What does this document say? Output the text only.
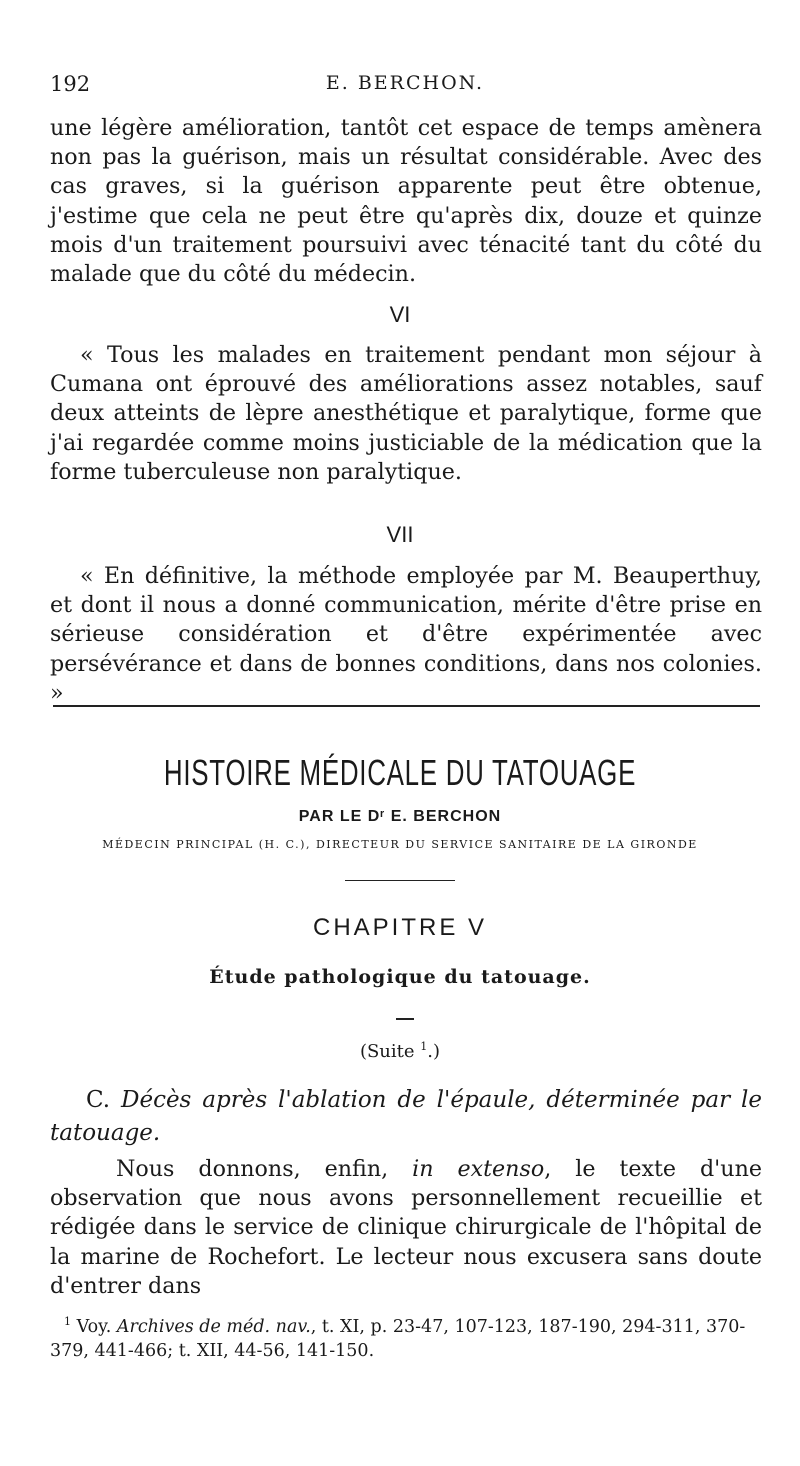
192	E. BERCHON.

une légère amélioration, tantôt cet espace de temps amènera non pas la guérison, mais un résultat considérable. Avec des cas graves, si la guérison apparente peut être obtenue, j'estime que cela ne peut être qu'après dix, douze et quinze mois d'un traitement poursuivi avec ténacité tant du côté du malade que du côté du médecin.

VI

« Tous les malades en traitement pendant mon séjour à Cumana ont éprouvé des améliorations assez notables, sauf deux atteints de lèpre anesthétique et paralytique, forme que j'ai regardée comme moins justiciable de la médication que la forme tuberculeuse non paralytique.

VII

« En définitive, la méthode employée par M. Beauperthuy, et dont il nous a donné communication, mérite d'être prise en sérieuse considération et d'être expérimentée avec persévérance et dans de bonnes conditions, dans nos colonies. »

HISTOIRE MÉDICALE DU TATOUAGE
PAR LE Dʳ E. BERCHON
MÉDECIN PRINCIPAL (H. C.), DIRECTEUR DU SERVICE SANITAIRE DE LA GIRONDE
CHAPITRE V
Étude pathologique du tatouage.
(Suite $^1$.)

C. Décès après l'ablation de l'épaule, déterminée par le tatouage.

Nous donnons, enfin, in extenso, le texte d'une observation que nous avons personnellement recueillie et rédigée dans le service de clinique chirurgicale de l'hôpital de la marine de Rochefort. Le lecteur nous excusera sans doute d'entrer dans

$^1$ Voy. Archives de méd. nav., t. XI, p. 23-47, 107-123, 187-190, 294-311, 370-379, 441-466; t. XII, 44-56, 141-150.
